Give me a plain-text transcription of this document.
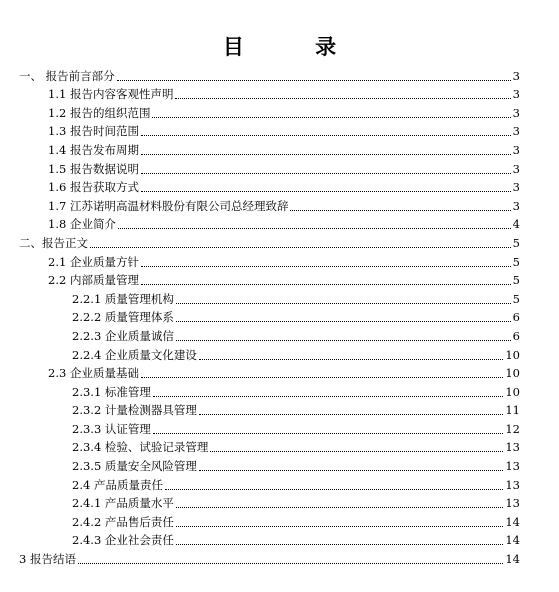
目 录
一、 报告前言部分	3
1.1 报告内容客观性声明	3
1.2 报告的组织范围	3
1.3 报告时间范围	3
1.4 报告发布周期	3
1.5 报告数据说明	3
1.6 报告获取方式	3
1.7 江苏诺明高温材料股份有限公司总经理致辞	3
1.8 企业简介	4
二、报告正文	5
2.1 企业质量方针	5
2.2 内部质量管理	5
2.2.1 质量管理机构	5
2.2.2 质量管理体系	6
2.2.3 企业质量诚信	6
2.2.4 企业质量文化建设	10
2.3 企业质量基础	10
2.3.1 标准管理	10
2.3.2 计量检测器具管理	11
2.3.3 认证管理	12
2.3.4 检验、试验记录管理	13
2.3.5 质量安全风险管理	13
2.4 产品质量责任	13
2.4.1 产品质量水平	13
2.4.2 产品售后责任	14
2.4.3 企业社会责任	14
3 报告结语	14
